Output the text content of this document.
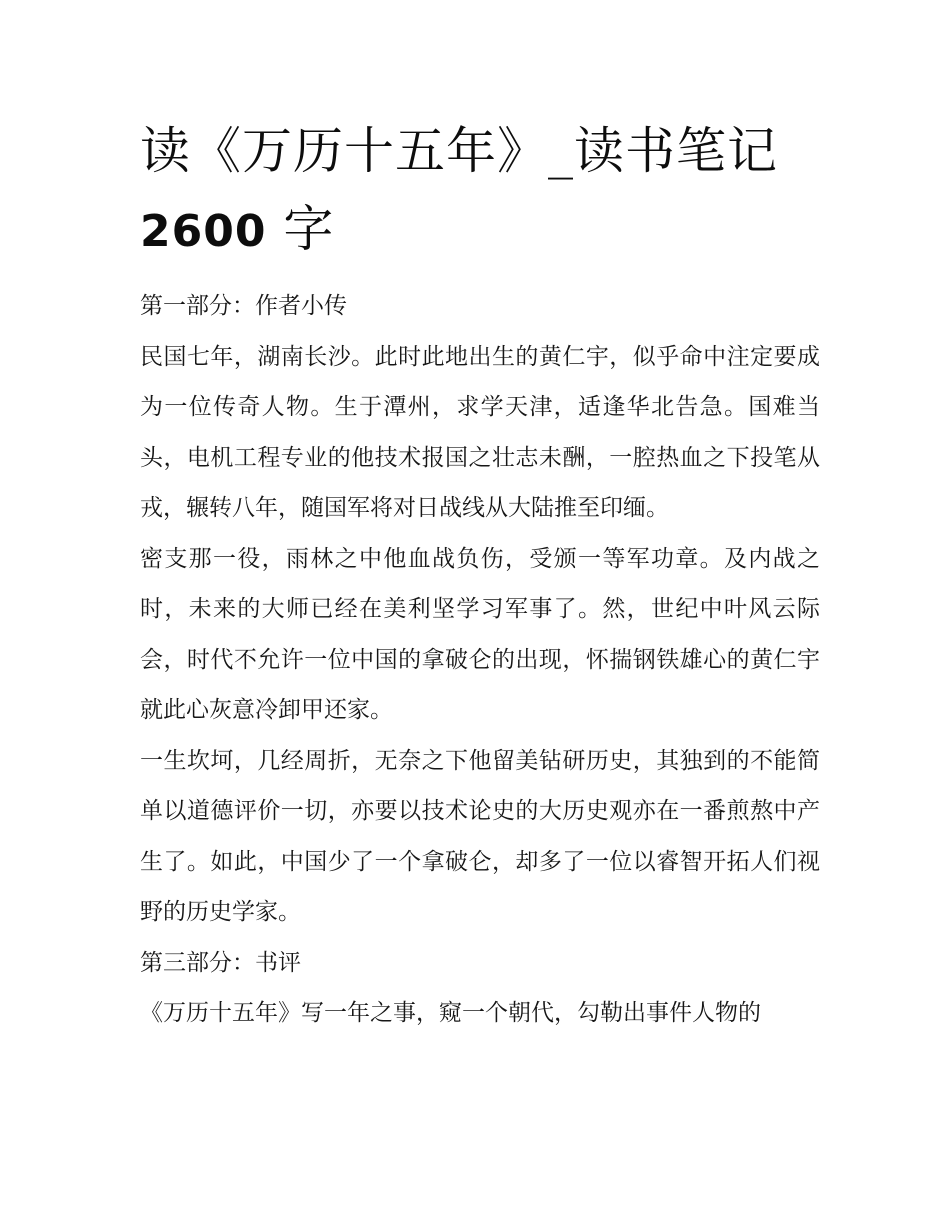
读《万历十五年》_读书笔记
2600 字

第一部分：作者小传

民国七年，湖南长沙。此时此地出生的黄仁宇，似乎命中注定要成为一位传奇人物。生于潭州，求学天津，适逢华北告急。国难当头，电机工程专业的他技术报国之壮志未酬，一腔热血之下投笔从戎，辗转八年，随国军将对日战线从大陆推至印缅。

密支那一役，雨林之中他血战负伤，受颁一等军功章。及内战之时，未来的大师已经在美利坚学习军事了。然，世纪中叶风云际会，时代不允许一位中国的拿破仑的出现，怀揣钢铁雄心的黄仁宇就此心灰意冷卸甲还家。

一生坎坷，几经周折，无奈之下他留美钻研历史，其独到的不能简单以道德评价一切，亦要以技术论史的大历史观亦在一番煎熬中产生了。如此，中国少了一个拿破仑，却多了一位以睿智开拓人们视野的历史学家。

第三部分：书评

《万历十五年》写一年之事，窥一个朝代，勾勒出事件人物的
